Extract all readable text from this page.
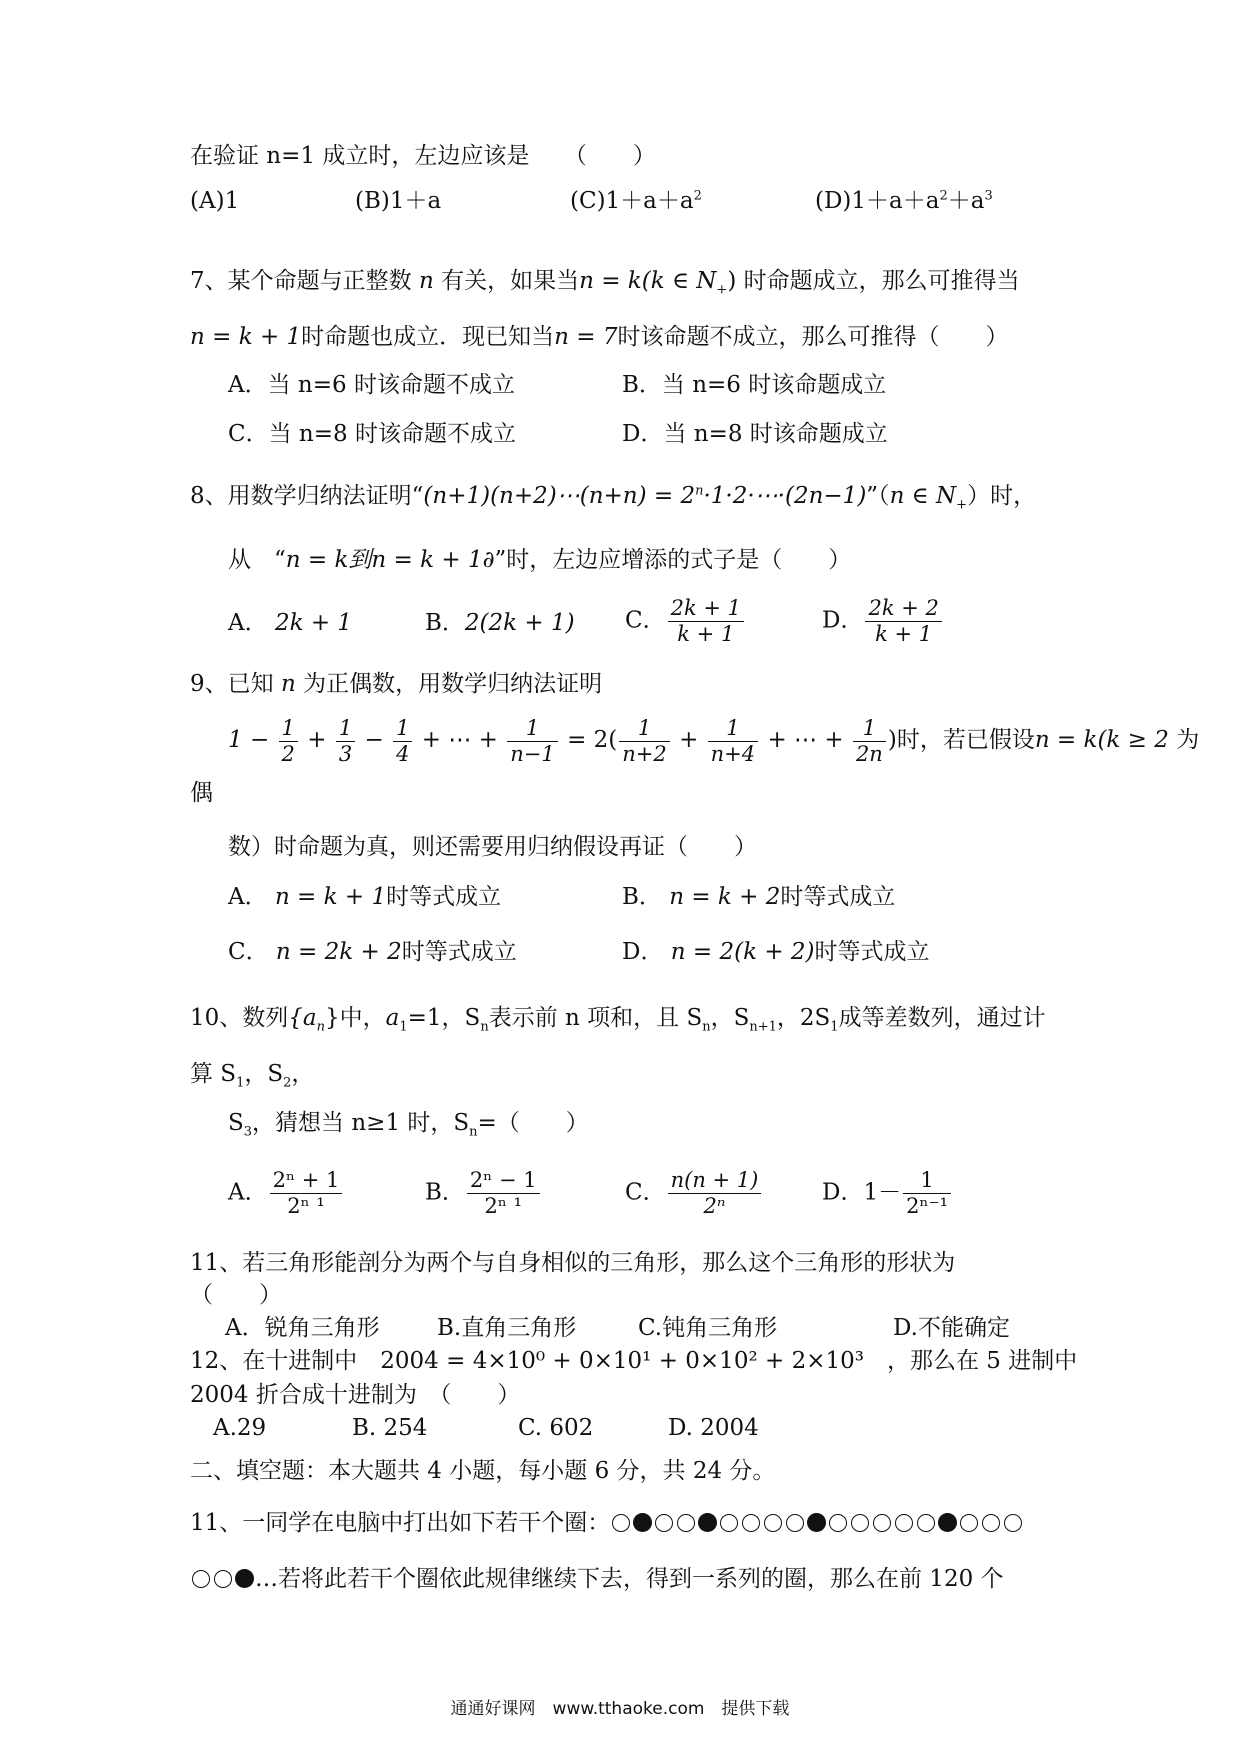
在验证 n=1 成立时，左边应该是　　（　　）
(A)1	(B)1＋a	$(C)1+a+a^2$	$(D)1+a+a^2+a^3$
7、某个命题与正整数 n 有关，如果当n = k(k ∈ $N_+$) 时命题成立，那么可推得当
n = k + 1时命题也成立．现已知当n = 7时该命题不成立，那么可推得（　　）
A．当 n=6 时该命题不成立	B．当 n=6 时该命题成立
C．当 n=8 时该命题不成立	D．当 n=8 时该命题成立
8、用数学归纳法证明“(n+1)(n+2)⋯(n+n) = $2^n\cdot 1\cdot 2\cdot\cdots\cdot(2n-1)”(n$ ∈ $N_+$）时，
从　“n = k到n = k + 1∂”时，左边应增添的式子是（　　）
A． 2k + 1	B．2(2k + 1) C． $\frac{2k + 1}{k + 1}$	D． $\frac{2k + 2}{k + 1}$
9、已知 n 为正偶数，用数学归纳法证明
$1 - \frac{1}{2} + \frac{1}{3} - \frac{1}{4}$ + ⋯ + $\frac{1}{n-1} = 2( \frac{1}{n+2} + \frac{1}{n+4}$ + ⋯ + $\frac{1}{2n}$ )时，若已假设n = k(k ≥ 2 为
偶
数）时命题为真，则还需要用归纳假设再证（　　）
A． n = k + 1时等式成立	B． n = k + 2时等式成立
C． n = 2k + 2时等式成立	D． n = 2(k + 2)时等式成立
10、数列$\{a_n\}$中，$a_1=1$，$S_n$表示前 n 项和，且 $S_n$，$S_{n+1}$，$2S_1$成等差数列，通过计
算 $S_1$，$S_2$，
$S_3$，猜想当 n≥1 时，$S_n=$（　　）
A． $\frac{\text{2ⁿ + 1}}{\text{2ⁿ ¹}}$	B． $\frac{\text{2ⁿ − 1}}{\text{2ⁿ ¹}}$	C． $\frac{n(n + 1)}{\text{2ⁿ}}$	D．$1- \frac{1}{\text{2ⁿ⁻¹}}$
11、若三角形能剖分为两个与自身相似的三角形，那么这个三角形的形状为
（　　）
A．锐角三角形 B.直角三角形	C.钝角三角形	D.不能确定
12、在十进制中　 2004 = 4×10⁰ + 0×10¹ + 0×10² + 2×10³　 ，那么在 5 进制中
2004 折合成十进制为　（　　）
A.29	B. 254	C. 602	D. 2004
二、填空题：本大题共 4 小题，每小题 6 分，共 24 分。
11、一同学在电脑中打出如下若干个圈：
…若将此若干个圈依此规律继续下去，得到一系列的圈，那么在前 120 个
通通好课网　www.tthaoke.com　提供下载
